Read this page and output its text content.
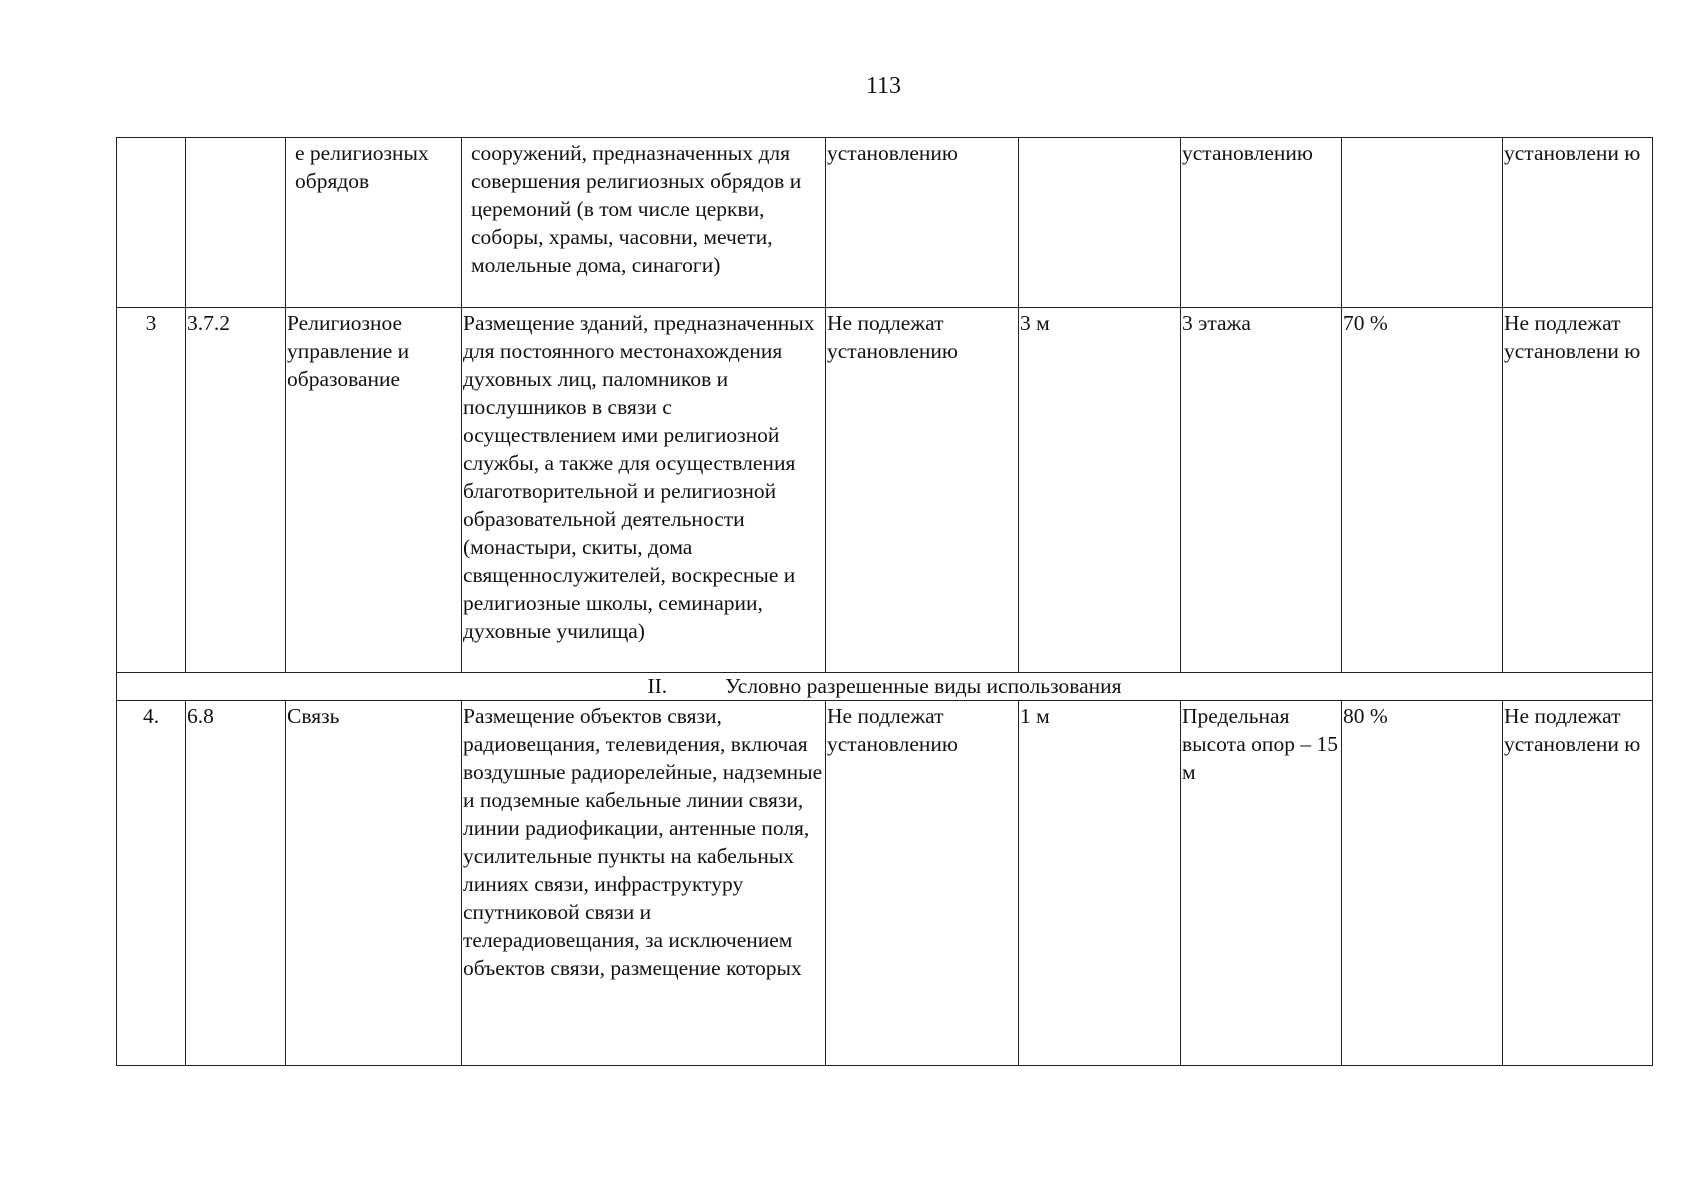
113
		е религиозных обрядов	сооружений, предназначенных для совершения религиозных обрядов и церемоний (в том числе церкви, соборы, храмы, часовни, мечети, молельные дома, синагоги)	установлению		установлению		установлени ю
3	3.7.2	Религиозное управление и образование	Размещение зданий, предназначенных для постоянного местонахождения духовных лиц, паломников и послушников в связи с осуществлением ими религиозной службы, а также для осуществления благотворительной и религиозной образовательной деятельности (монастыри, скиты, дома священнослужителей, воскресные и религиозные школы, семинарии, духовные училища)	Не подлежат установлению	3 м	3 этажа	70 %	Не подлежат установлени ю
II. Условно разрешенные виды использования								
4.	6.8	Связь	Размещение объектов связи, радиовещания, телевидения, включая воздушные радиорелейные, надземные и подземные кабельные линии связи, линии радиофикации, антенные поля, усилительные пункты на кабельных линиях связи, инфраструктуру спутниковой связи и телерадиовещания, за исключением объектов связи, размещение которых	Не подлежат установлению	1 м	Предельная высота опор – 15 м	80 %	Не подлежат установлени ю
